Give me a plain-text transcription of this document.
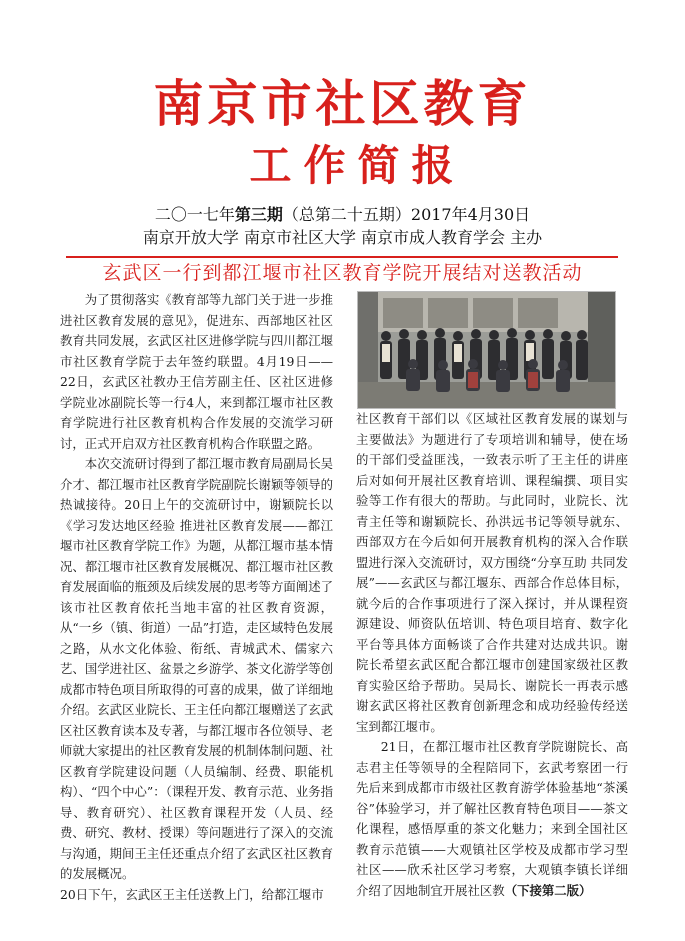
南京市社区教育
工作简报
二〇一七年第三期（总第二十五期）2017年4月30日
南京开放大学 南京市社区大学 南京市成人教育学会 主办
玄武区一行到都江堰市社区教育学院开展结对送教活动

为了贯彻落实《教育部等九部门关于进一步推进社区教育发展的意见》，促进东、西部地区社区教育共同发展，玄武区社区进修学院与四川都江堰市社区教育学院于去年签约联盟。4月19日——22日，玄武区社教办王信芳副主任、区社区进修学院业冰副院长等一行4人，来到都江堰市社区教育学院进行社区教育机构合作发展的交流学习研讨，正式开启双方社区教育机构合作联盟之路。

本次交流研讨得到了都江堰市教育局副局长吴介才、都江堰市社区教育学院副院长谢颖等领导的热诚接待。20日上午的交流研讨中，谢颖院长以《学习发达地区经验 推进社区教育发展——都江堰市社区教育学院工作》为题，从都江堰市基本情况、都江堰市社区教育发展概况、都江堰市社区教育发展面临的瓶颈及后续发展的思考等方面阐述了该市社区教育依托当地丰富的社区教育资源，从“一乡（镇、街道）一品”打造，走区域特色发展之路，从水文化体验、衔纸、青城武术、儒家六艺、国学进社区、盆景之乡游学、茶文化游学等创成都市特色项目所取得的可喜的成果，做了详细地介绍。玄武区业院长、王主任向都江堰赠送了玄武区社区教育读本及专著，与都江堰市各位领导、老师就大家提出的社区教育发展的机制体制问题、社区教育学院建设问题（人员编制、经费、职能机构）、“四个中心”：（课程开发、教育示范、业务指导、教育研究）、社区教育课程开发（人员、经费、研究、教材、授课）等问题进行了深入的交流与沟通，期间王主任还重点介绍了玄武区社区教育的发展概况。

20日下午，玄武区王主任送教上门，给都江堰市

社区教育干部们以《区域社区教育发展的谋划与主要做法》为题进行了专项培训和辅导，使在场的干部们受益匪浅，一致表示听了王主任的讲座后对如何开展社区教育培训、课程编撰、项目实验等工作有很大的帮助。与此同时，业院长、沈青主任等和谢颖院长、孙洪远书记等领导就东、西部双方在今后如何开展教育机构的深入合作联盟进行深入交流研讨，双方围绕“分享互助 共同发展”——玄武区与都江堰东、西部合作总体目标，就今后的合作事项进行了深入探讨，并从课程资源建设、师资队伍培训、特色项目培育、数字化平台等具体方面畅谈了合作共建对达成共识。谢院长希望玄武区配合都江堰市创建国家级社区教育实验区给予帮助。吴局长、谢院长一再表示感谢玄武区将社区教育创新理念和成功经验传经送宝到都江堰市。

21日，在都江堰市社区教育学院谢院长、高志君主任等领导的全程陪同下，玄武考察团一行先后来到成都市市级社区教育游学体验基地“茶溪谷”体验学习，并了解社区教育特色项目——茶文化课程，感悟厚重的茶文化魅力；来到全国社区教育示范镇——大观镇社区学校及成都市学习型社区——欣禾社区学习考察，大观镇李镇长详细介绍了因地制宜开展社区教（下接第二版）
